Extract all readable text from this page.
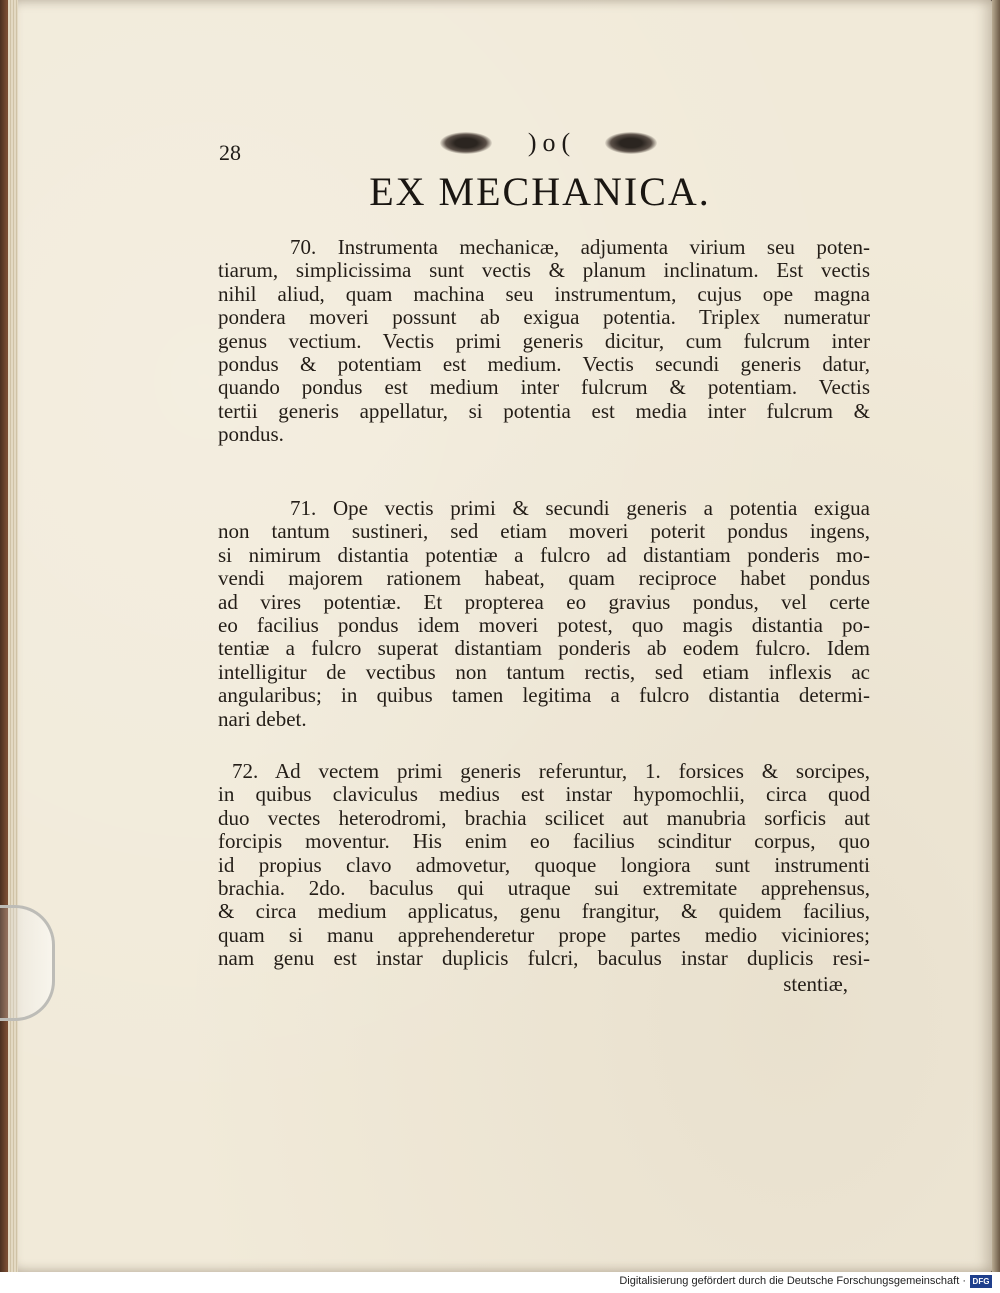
28	)o(
EX MECHANICA.
70. Instrumenta mechanicæ, adjumenta virium seu poten-
tiarum, simplicissima sunt vectis & planum inclinatum. Est vectis
nihil aliud, quam machina seu instrumentum, cujus ope magna
pondera moveri possunt ab exigua potentia. Triplex numeratur
genus vectium. Vectis primi generis dicitur, cum fulcrum inter
pondus & potentiam est medium. Vectis secundi generis datur,
quando pondus est medium inter fulcrum & potentiam. Vectis
tertii generis appellatur, si potentia est media inter fulcrum &
pondus.
71. Ope vectis primi & secundi generis a potentia exigua
non tantum sustineri, sed etiam moveri poterit pondus ingens,
si nimirum distantia potentiæ a fulcro ad distantiam ponderis mo-
vendi majorem rationem habeat, quam reciproce habet pondus
ad vires potentiæ. Et propterea eo gravius pondus, vel certe
eo facilius pondus idem moveri potest, quo magis distantia po-
tentiæ a fulcro superat distantiam ponderis ab eodem fulcro. Idem
intelligitur de vectibus non tantum rectis, sed etiam inflexis ac
angularibus; in quibus tamen legitima a fulcro distantia determi-
nari debet.
72. Ad vectem primi generis referuntur, 1. forsices & sorcipes,
in quibus claviculus medius est instar hypomochlii, circa quod
duo vectes heterodromi, brachia scilicet aut manubria sorficis aut
forcipis moventur. His enim eo facilius scinditur corpus, quo
id propius clavo admovetur, quoque longiora sunt instrumenti
brachia. 2do. baculus qui utraque sui extremitate apprehensus,
& circa medium applicatus, genu frangitur, & quidem facilius,
quam si manu apprehenderetur prope partes medio viciniores;
nam genu est instar duplicis fulcri, baculus instar duplicis resi-
stentiæ,
Digitalisierung gefördert durch die Deutsche Forschungsgemeinschaft · DFG
